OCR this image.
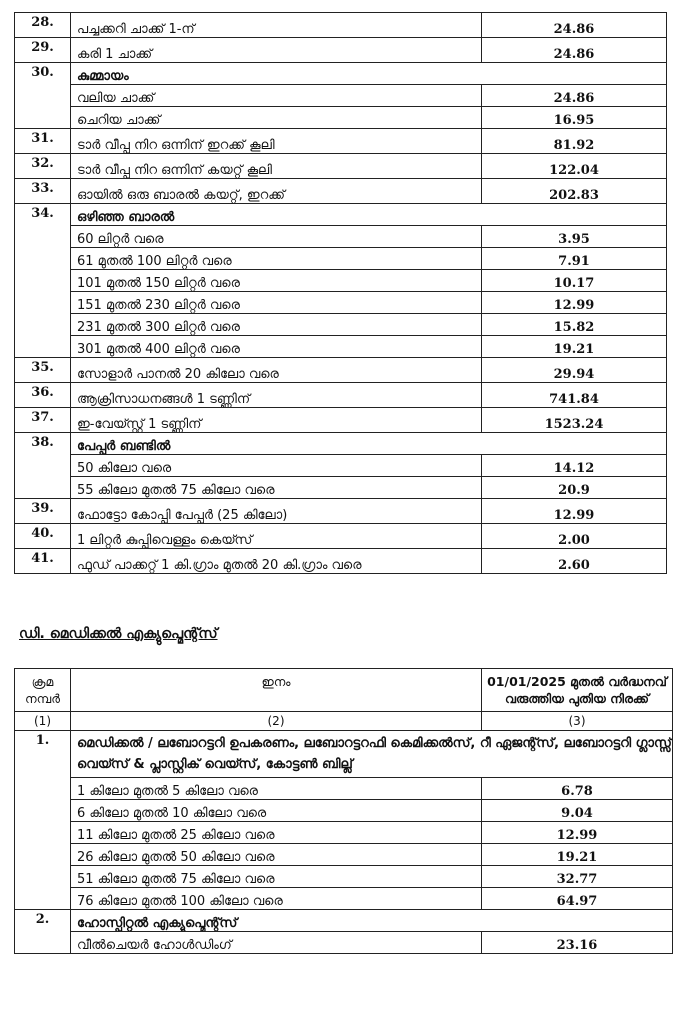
28.	പച്ചക്കറി ചാക്ക് 1-ന്	24.86
29.	കരി 1 ചാക്ക്	24.86
30.	കുമ്മായം	
	വലിയ ചാക്ക്	24.86
	ചെറിയ ചാക്ക്	16.95
31.	ടാർ വീപ്പ നിറ ഒന്നിന് ഇറക്ക് കൂലി	81.92
32.	ടാർ വീപ്പ നിറ ഒന്നിന് കയറ്റ് കൂലി	122.04
33.	ഓയിൽ ഒരു ബാരൽ കയറ്റ്, ഇറക്ക്	202.83
34.	ഒഴിഞ്ഞ ബാരൽ	
	60 ലിറ്റർ വരെ	3.95
	61 മുതൽ 100 ലിറ്റർ വരെ	7.91
	101 മുതൽ 150 ലിറ്റർ വരെ	10.17
	151 മുതൽ 230 ലിറ്റർ വരെ	12.99
	231 മുതൽ 300 ലിറ്റർ വരെ	15.82
	301 മുതൽ 400 ലിറ്റർ വരെ	19.21
35.	സോളാർ പാനൽ 20 കിലോ വരെ	29.94
36.	ആക്രിസാധനങ്ങൾ 1 ടണ്ണിന്	741.84
37.	ഇ-വേയ്സ്റ്റ് 1 ടണ്ണിന്	1523.24
38.	പേപ്പർ ബണ്ടിൽ	
	50 കിലോ വരെ	14.12
	55 കിലോ മുതൽ 75 കിലോ വരെ	20.9
39.	ഫോട്ടോ കോപ്പി പേപ്പർ (25 കിലോ)	12.99
40.	1 ലിറ്റർ കുപ്പിവെള്ളം കെയ്സ്	2.00
41.	ഫുഡ് പാക്കറ്റ് 1 കി.ഗ്രാം മുതൽ 20 കി.ഗ്രാം വരെ	2.60
ഡി. മെഡിക്കൽ എക്യുപ്മെന്റ്സ്
ക്രമ നമ്പർ	ഇനം	01/01/2025 മുതൽ വർദ്ധനവ് വരുത്തിയ പുതിയ നിരക്ക്
(1)	(2)	(3)
1.	മെഡിക്കൽ / ലബോറട്ടറി ഉപകരണം, ലബോറട്ടറഫി കെമിക്കൽസ്, റീ ഏജന്റ്സ്, ലബോറട്ടറി ഗ്ലാസ്സ് വെയ്സ് & പ്ലാസ്റ്റിക് വെയ്സ്, കോട്ടൺ ബില്ല്	
	1 കിലോ മുതൽ 5 കിലോ വരെ	6.78
	6 കിലോ മുതൽ 10 കിലോ വരെ	9.04
	11 കിലോ മുതൽ 25 കിലോ വരെ	12.99
	26 കിലോ മുതൽ 50 കിലോ വരെ	19.21
	51 കിലോ മുതൽ 75 കിലോ വരെ	32.77
	76 കിലോ മുതൽ 100 കിലോ വരെ	64.97
2.	ഹോസ്പിറ്റൽ എക്യുപ്മെന്റ്സ്	
	വീൽചെയർ ഹോൾഡിംഗ്	23.16
